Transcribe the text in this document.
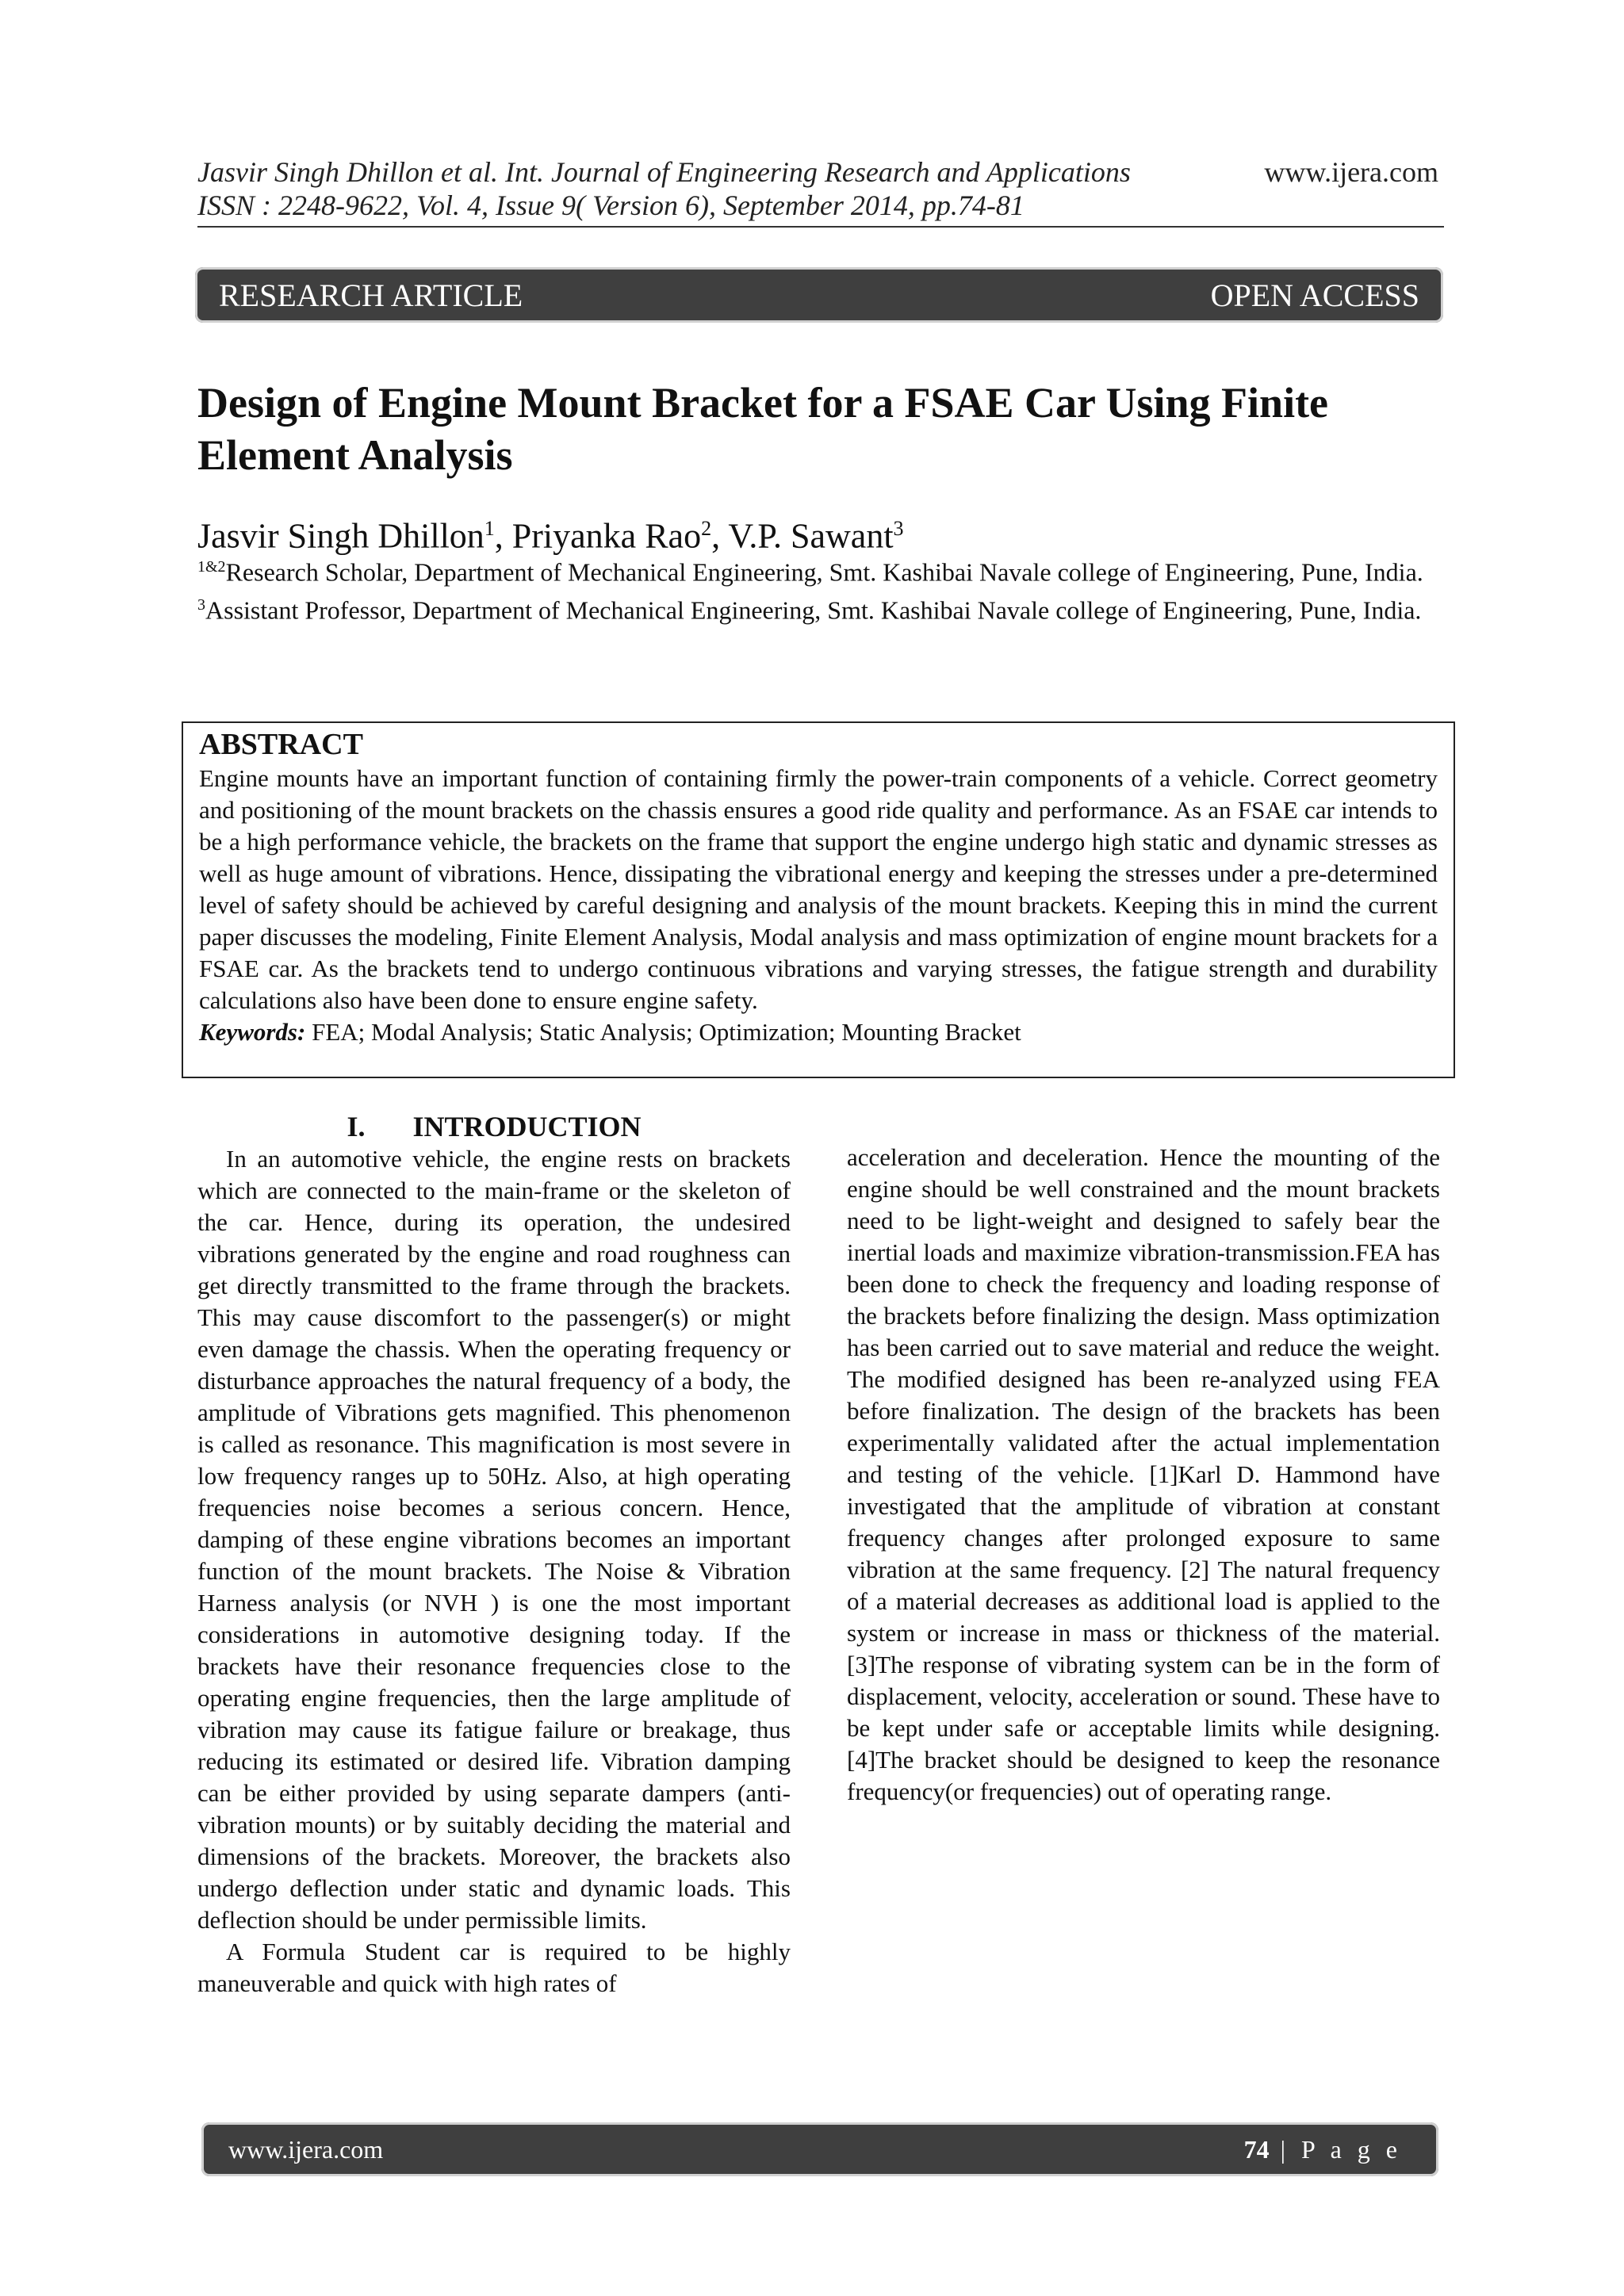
Jasvir Singh Dhillon et al. Int. Journal of Engineering Research and Applications
ISSN : 2248-9622, Vol. 4, Issue 9( Version 6), September 2014, pp.74-81
www.ijera.com
RESEARCH ARTICLE	OPEN ACCESS
Design of Engine Mount Bracket for a FSAE Car Using Finite Element Analysis
Jasvir Singh Dhillon$^1$, Priyanka Rao$^2$, V.P. Sawant$^3$

$^{1\&2}$Research Scholar, Department of Mechanical Engineering, Smt. Kashibai Navale college of Engineering, Pune, India.

$^3$Assistant Professor, Department of Mechanical Engineering, Smt. Kashibai Navale college of Engineering, Pune, India.

ABSTRACT

Engine mounts have an important function of containing firmly the power-train components of a vehicle. Correct geometry and positioning of the mount brackets on the chassis ensures a good ride quality and performance. As an FSAE car intends to be a high performance vehicle, the brackets on the frame that support the engine undergo high static and dynamic stresses as well as huge amount of vibrations. Hence, dissipating the vibrational energy and keeping the stresses under a pre-determined level of safety should be achieved by careful designing and analysis of the mount brackets. Keeping this in mind the current paper discusses the modeling, Finite Element Analysis, Modal analysis and mass optimization of engine mount brackets for a FSAE car. As the brackets tend to undergo continuous vibrations and varying stresses, the fatigue strength and durability calculations also have been done to ensure engine safety.

Keywords: FEA; Modal Analysis; Static Analysis; Optimization; Mounting Bracket

I. INTRODUCTION

In an automotive vehicle, the engine rests on brackets which are connected to the main-frame or the skeleton of the car. Hence, during its operation, the undesired vibrations generated by the engine and road roughness can get directly transmitted to the frame through the brackets. This may cause discomfort to the passenger(s) or might even damage the chassis. When the operating frequency or disturbance approaches the natural frequency of a body, the amplitude of Vibrations gets magnified. This phenomenon is called as resonance. This magnification is most severe in low frequency ranges up to 50Hz. Also, at high operating frequencies noise becomes a serious concern. Hence, damping of these engine vibrations becomes an important function of the mount brackets. The Noise & Vibration Harness analysis (or NVH ) is one the most important considerations in automotive designing today. If the brackets have their resonance frequencies close to the operating engine frequencies, then the large amplitude of vibration may cause its fatigue failure or breakage, thus reducing its estimated or desired life. Vibration damping can be either provided by using separate dampers (anti-vibration mounts) or by suitably deciding the material and dimensions of the brackets. Moreover, the brackets also undergo deflection under static and dynamic loads. This deflection should be under permissible limits.

A Formula Student car is required to be highly maneuverable and quick with high rates of

acceleration and deceleration. Hence the mounting of the engine should be well constrained and the mount brackets need to be light-weight and designed to safely bear the inertial loads and maximize vibration-transmission.FEA has been done to check the frequency and loading response of the brackets before finalizing the design. Mass optimization has been carried out to save material and reduce the weight. The modified designed has been re-analyzed using FEA before finalization. The design of the brackets has been experimentally validated after the actual implementation and testing of the vehicle. [1]Karl D. Hammond have investigated that the amplitude of vibration at constant frequency changes after prolonged exposure to same vibration at the same frequency. [2] The natural frequency of a material decreases as additional load is applied to the system or increase in mass or thickness of the material.[3]The response of vibrating system can be in the form of displacement, velocity, acceleration or sound. These have to be kept under safe or acceptable limits while designing. [4]The bracket should be designed to keep the resonance frequency(or frequencies) out of operating range.

www.ijera.com	74 | P a g e
